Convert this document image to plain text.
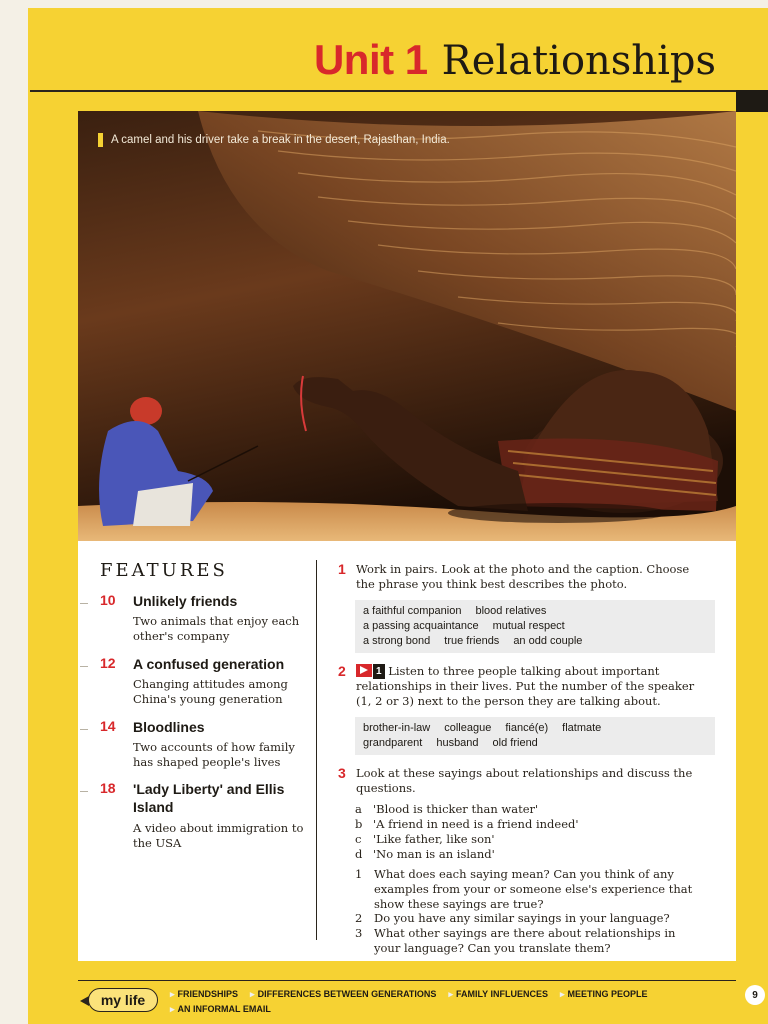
Unit 1 Relationships
A camel and his driver take a break in the desert, Rajasthan, India.
FEATURES
10	Unlikely friends
Two animals that enjoy each other's company
12	A confused generation
Changing attitudes among China's young generation
14	Bloodlines
Two accounts of how family has shaped people's lives
18	'Lady Liberty' and Ellis Island
A video about immigration to the USA
1 Work in pairs. Look at the photo and the caption. Choose the phrase you think best describes the photo.
a faithful companion blood relatives
a passing acquaintance mutual respect
a strong bond true friends an odd couple
2	1 Listen to three people talking about important relationships in their lives. Put the number of the speaker (1, 2 or 3) next to the person they are talking about.
brother-in-law colleague fiancé(e) flatmate
grandparent husband old friend
3 Look at these sayings about relationships and discuss the questions.
a 'Blood is thicker than water'
b 'A friend in need is a friend indeed'
c 'Like father, like son'
d 'No man is an island'
1 What does each saying mean? Can you think of any examples from your or someone else's experience that show these sayings are true?
2 Do you have any similar sayings in your language?
3 What other sayings are there about relationships in your language? Can you translate them?
my life	▸ FRIENDSHIPS ▸ DIFFERENCES BETWEEN GENERATIONS ▸ FAMILY INFLUENCES ▸ MEETING PEOPLE
▸ AN INFORMAL EMAIL
9
